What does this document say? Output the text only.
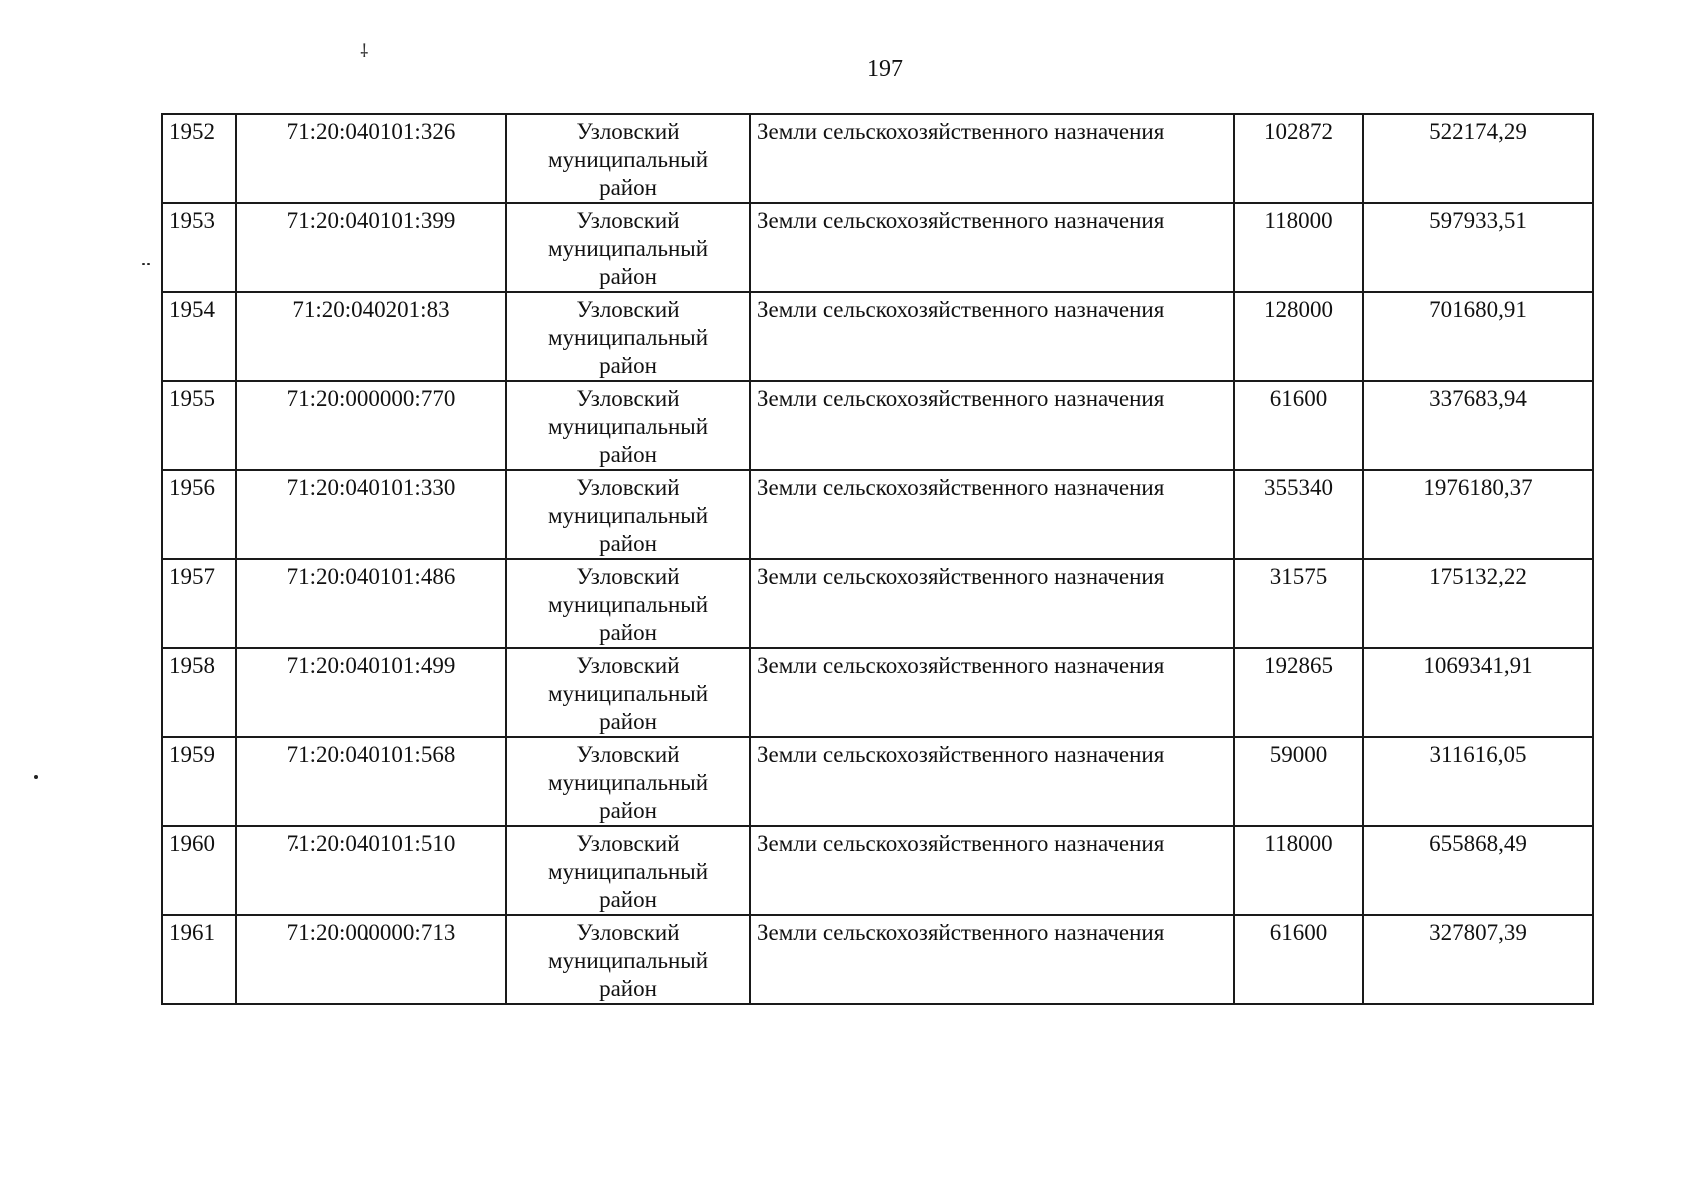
⸸
197
1952	71:20:040101:326	Узловский
муниципальный
район	Земли сельскохозяйственного назначения	102872	522174,29
1953	71:20:040101:399	Узловский
муниципальный
район	Земли сельскохозяйственного назначения	118000	597933,51
1954	71:20:040201:83	Узловский
муниципальный
район	Земли сельскохозяйственного назначения	128000	701680,91
1955	71:20:000000:770	Узловский
муниципальный
район	Земли сельскохозяйственного назначения	61600	337683,94
1956	71:20:040101:330	Узловский
муниципальный
район	Земли сельскохозяйственного назначения	355340	1976180,37
1957	71:20:040101:486	Узловский
муниципальный
район	Земли сельскохозяйственного назначения	31575	175132,22
1958	71:20:040101:499	Узловский
муниципальный
район	Земли сельскохозяйственного назначения	192865	1069341,91
1959	71:20:040101:568	Узловский
муниципальный
район	Земли сельскохозяйственного назначения	59000	311616,05
1960	71:20:040101:510	Узловский
муниципальный
район	Земли сельскохозяйственного назначения	118000	655868,49
1961	71:20:000000:713	Узловский
муниципальный
район	Земли сельскохозяйственного назначения	61600	327807,39
